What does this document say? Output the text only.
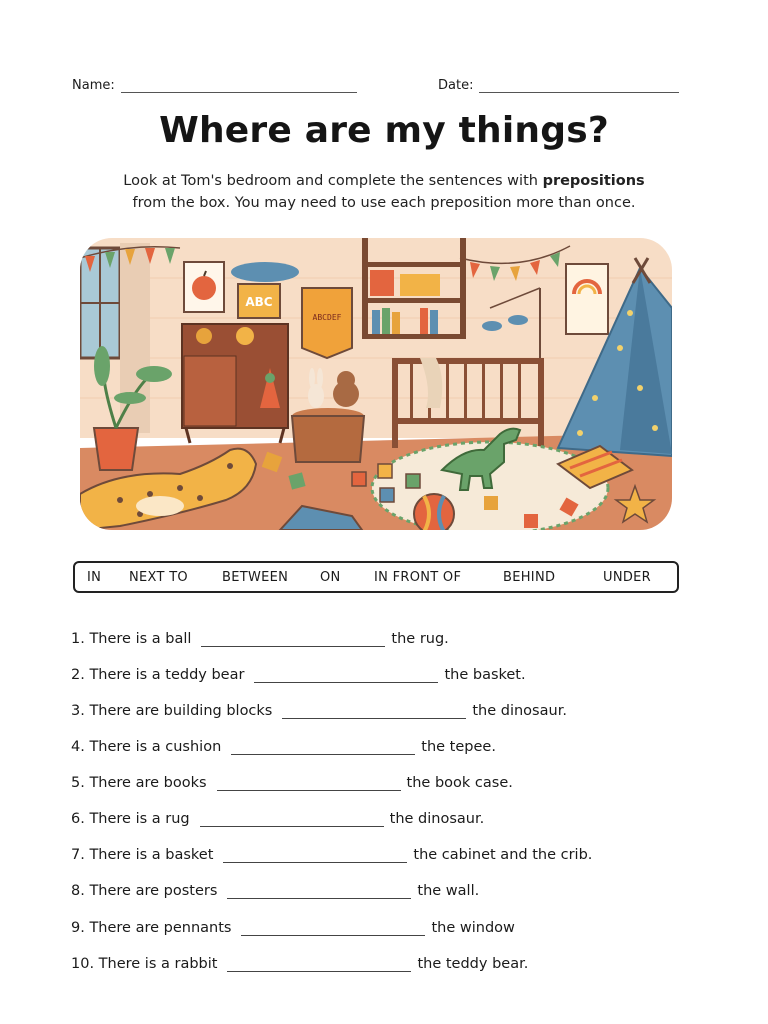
Name:	Date:
Where are my things?
Look at Tom's bedroom and complete the sentences with prepositions
from the box. You may need to use each preposition more than once.
ABC
ABCDEF
IN NEXT TO	BETWEEN ON	IN FRONT OF	BEHIND	UNDER
1. There is a ball	the rug.
2. There is a teddy bear	the basket.
3. There are building blocks	the dinosaur.
4. There is a cushion	the tepee.
5. There are books	the book case.
6. There is a rug	the dinosaur.
7. There is a basket	the cabinet and the crib.
8. There are posters	the wall.
9. There are pennants	the window
10. There is a rabbit	the teddy bear.
